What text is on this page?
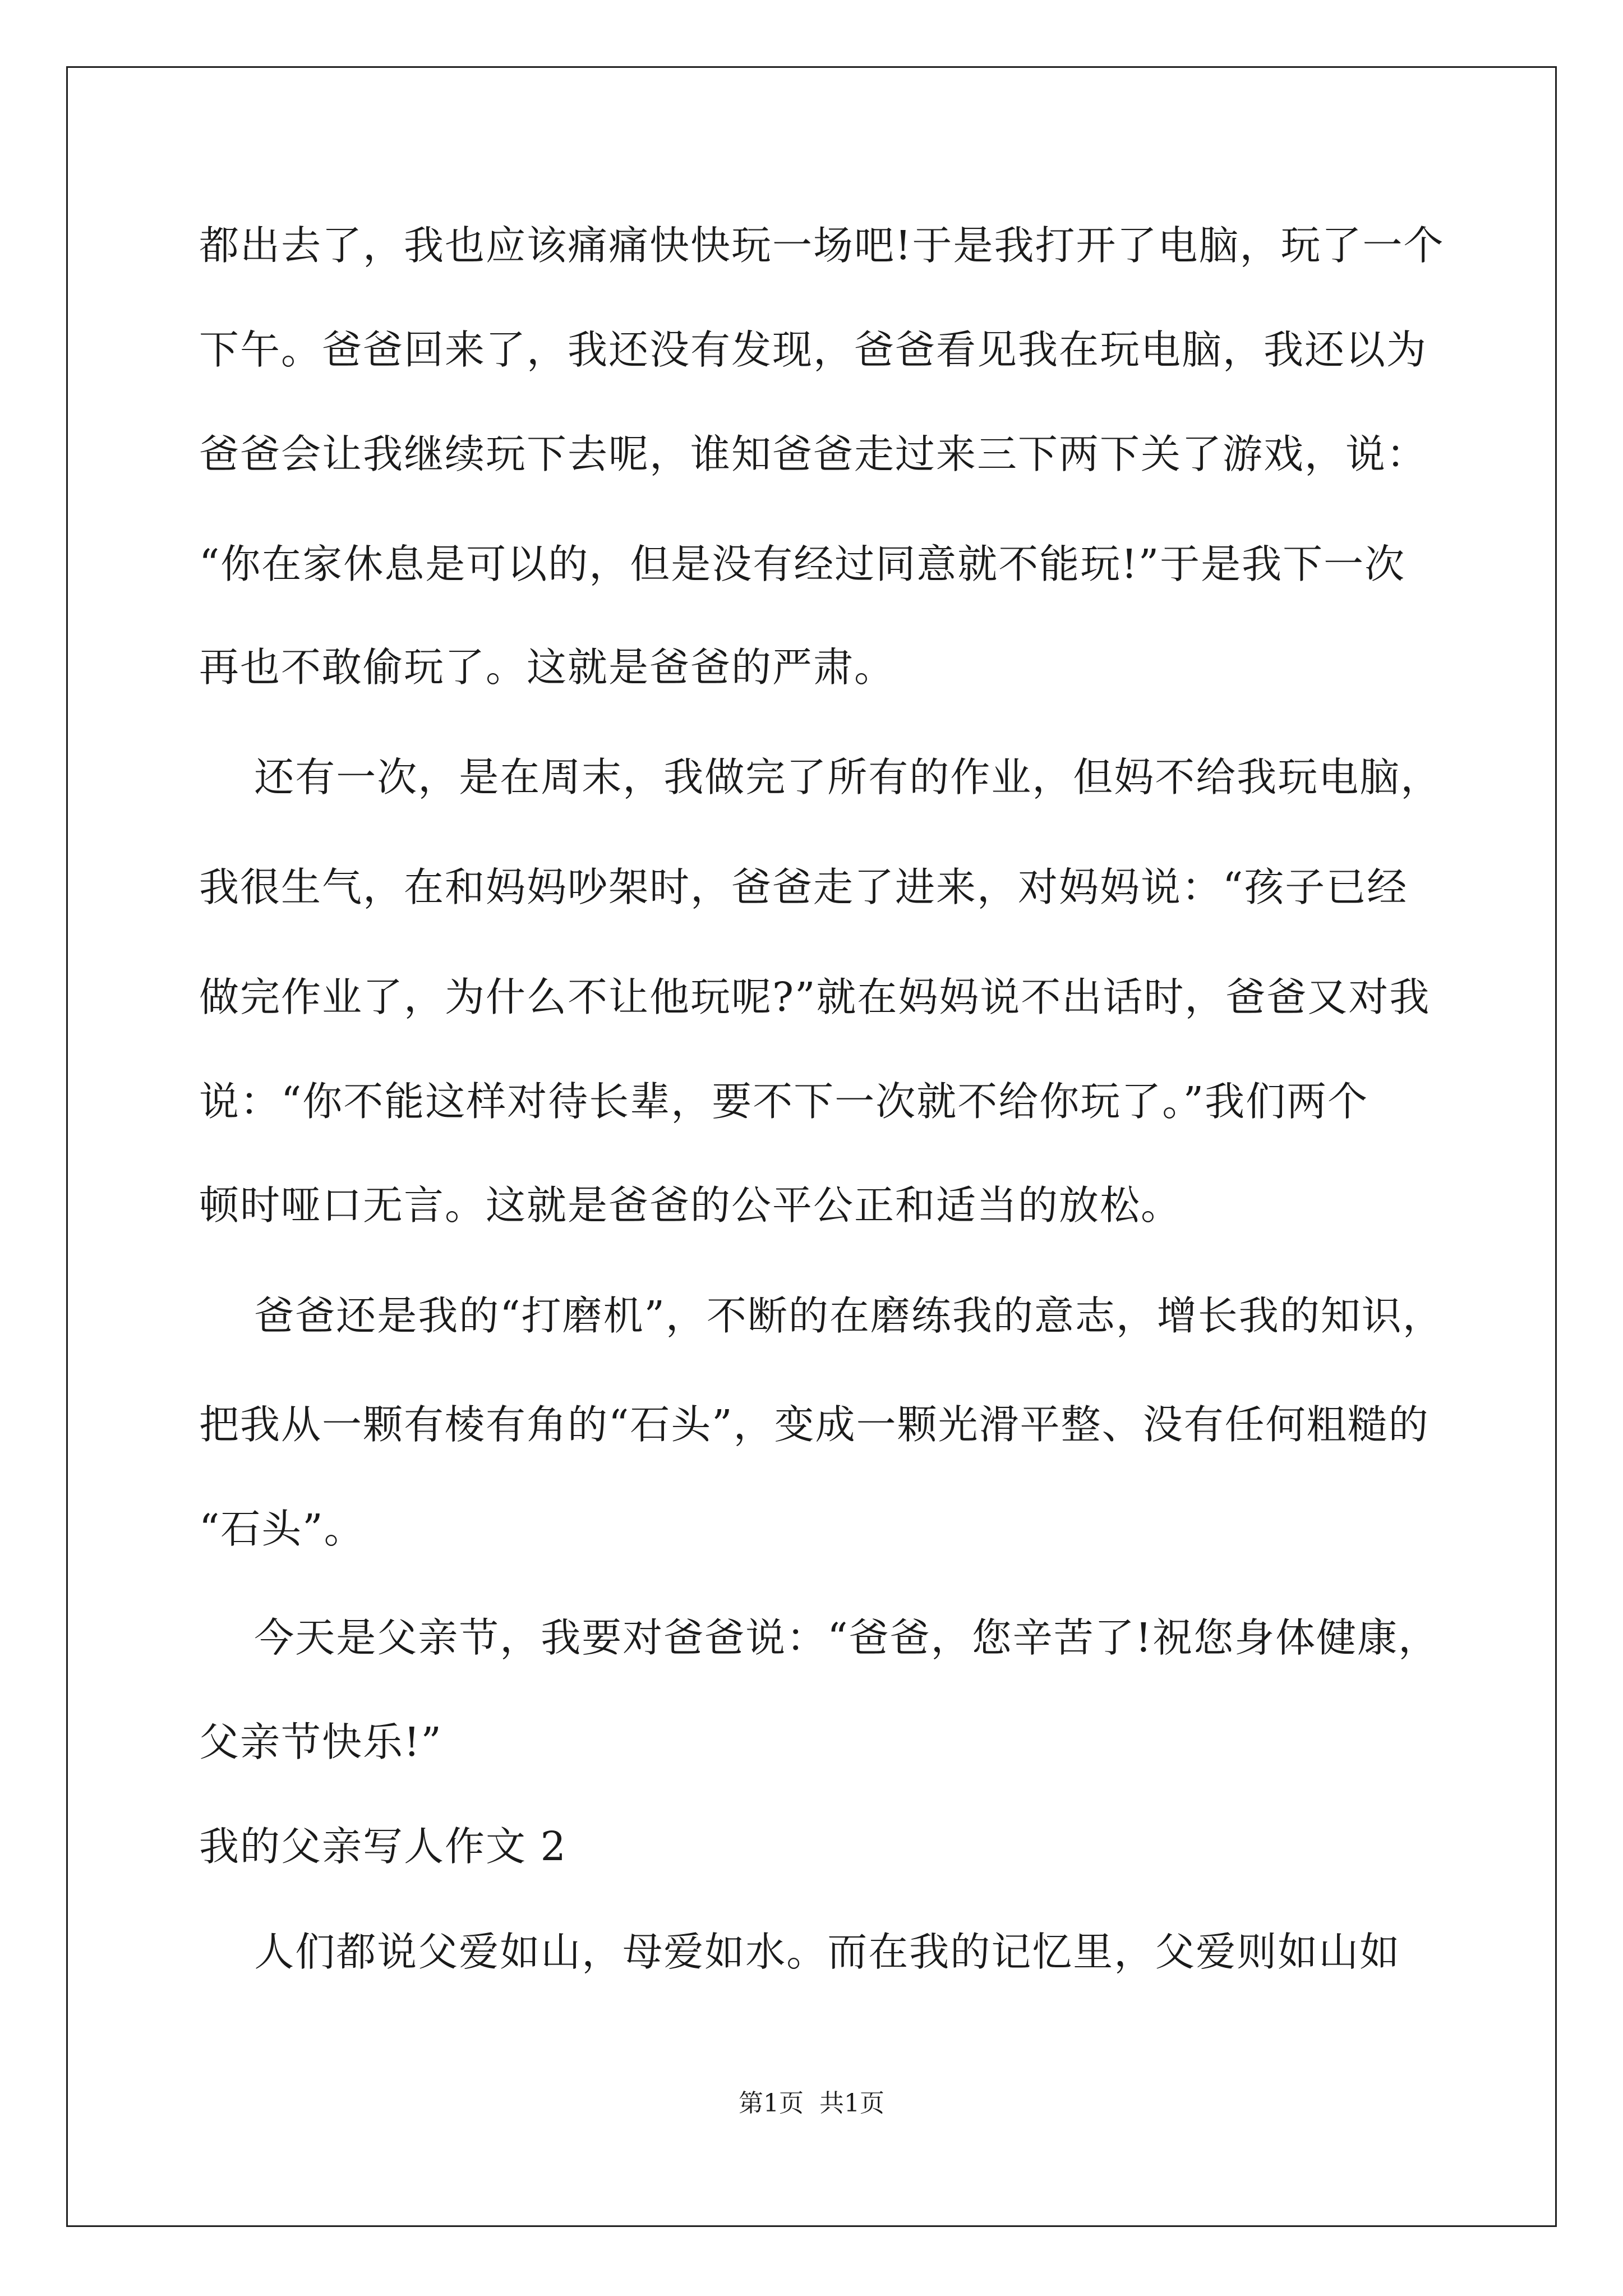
都出去了，我也应该痛痛快快玩一场吧!于是我打开了电脑，玩了一个
下午。爸爸回来了，我还没有发现，爸爸看见我在玩电脑，我还以为
爸爸会让我继续玩下去呢，谁知爸爸走过来三下两下关了游戏，说：
“你在家休息是可以的，但是没有经过同意就不能玩!”于是我下一次
再也不敢偷玩了。这就是爸爸的严肃。
还有一次，是在周末，我做完了所有的作业，但妈不给我玩电脑，
我很生气，在和妈妈吵架时，爸爸走了进来，对妈妈说：“孩子已经
做完作业了，为什么不让他玩呢?”就在妈妈说不出话时，爸爸又对我
说：“你不能这样对待长辈，要不下一次就不给你玩了。”我们两个
顿时哑口无言。这就是爸爸的公平公正和适当的放松。
爸爸还是我的“打磨机”，不断的在磨练我的意志，增长我的知识，
把我从一颗有棱有角的“石头”，变成一颗光滑平整、没有任何粗糙的
“石头”。
今天是父亲节，我要对爸爸说：“爸爸，您辛苦了!祝您身体健康，
父亲节快乐!”
我的父亲写人作文 2
人们都说父爱如山，母爱如水。而在我的记忆里，父爱则如山如
第1页  共1页
